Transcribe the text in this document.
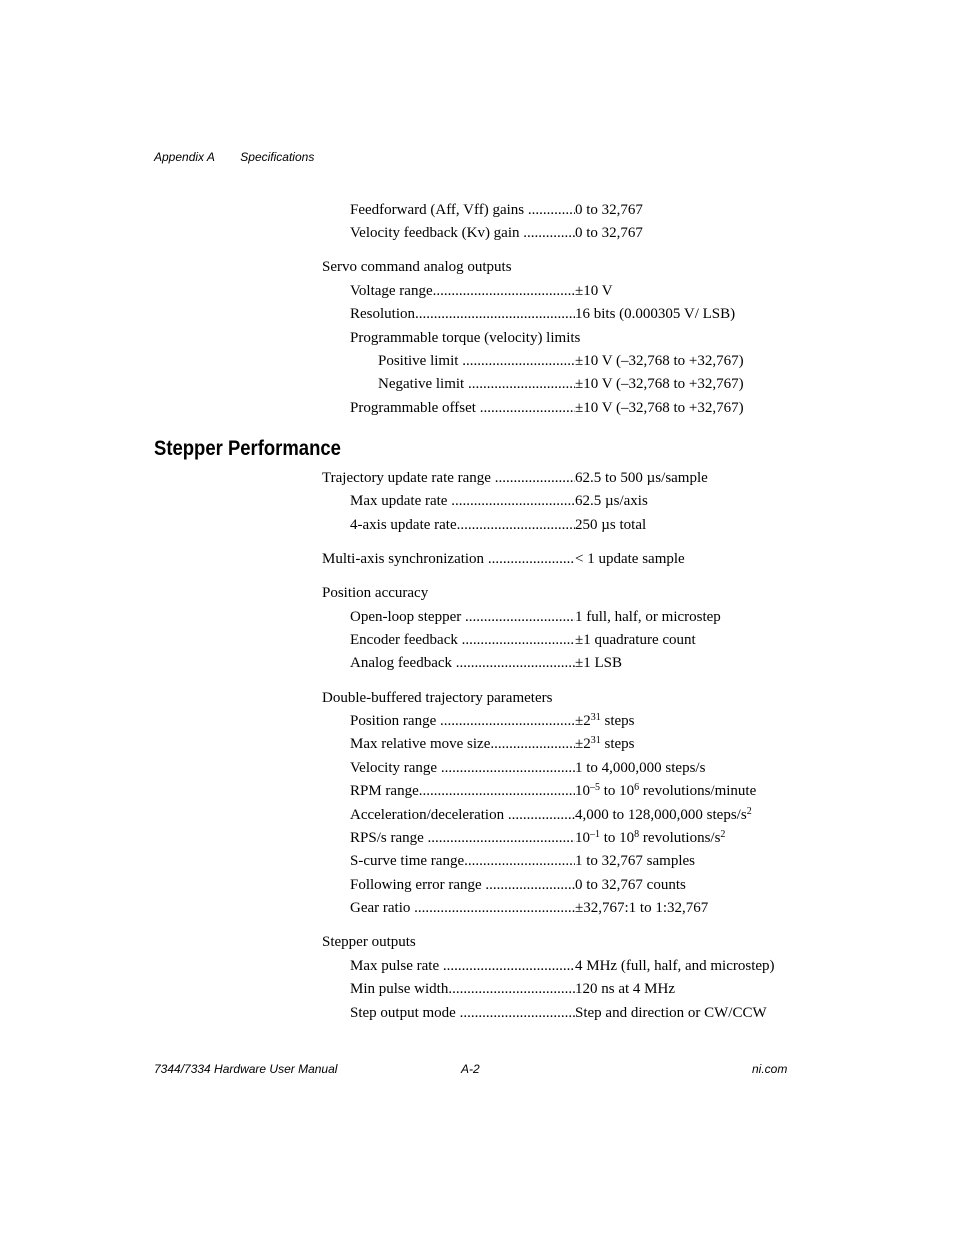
Appendix A Specifications
Feedforward (Aff, Vff) gains .....	0 to 32,767
Velocity feedback (Kv) gain .....	0 to 32,767
Servo command analog outputs
Voltage range .....	±10 V
Resolution .....	16 bits (0.000305 V/ LSB)
Programmable torque (velocity) limits
Positive limit .....	±10 V (–32,768 to +32,767)
Negative limit .....	±10 V (–32,768 to +32,767)
Programmable offset .....	±10 V (–32,768 to +32,767)
Stepper Performance
Trajectory update rate range .....	62.5 to 500 µs/sample
Max update rate .....	62.5 µs/axis
4-axis update rate .....	250 µs total
Multi-axis synchronization .....	< 1 update sample
Position accuracy
Open-loop stepper .....	1 full, half, or microstep
Encoder feedback .....	±1 quadrature count
Analog feedback .....	±1 LSB
Double-buffered trajectory parameters
Position range .....	$\pm 2^{31}$ steps
Max relative move size .....	$\pm 2^{31}$ steps
Velocity range .....	1 to 4,000,000 steps/s
RPM range .....	$10^{-5}$ to $10^6$ revolutions/minute
Acceleration/deceleration .....	4,000 to 128,000,000 steps/$s^2$
RPS/s range .....	$10^{-1}$ to $10^8$ revolutions/$s^2$
S-curve time range .....	1 to 32,767 samples
Following error range .....	0 to 32,767 counts
Gear ratio .....	±32,767:1 to 1:32,767
Stepper outputs
Max pulse rate .....	4 MHz (full, half, and microstep)
Min pulse width .....	120 ns at 4 MHz
Step output mode .....	Step and direction or CW/CCW
7344/7334 Hardware User Manual	A-2	ni.com
